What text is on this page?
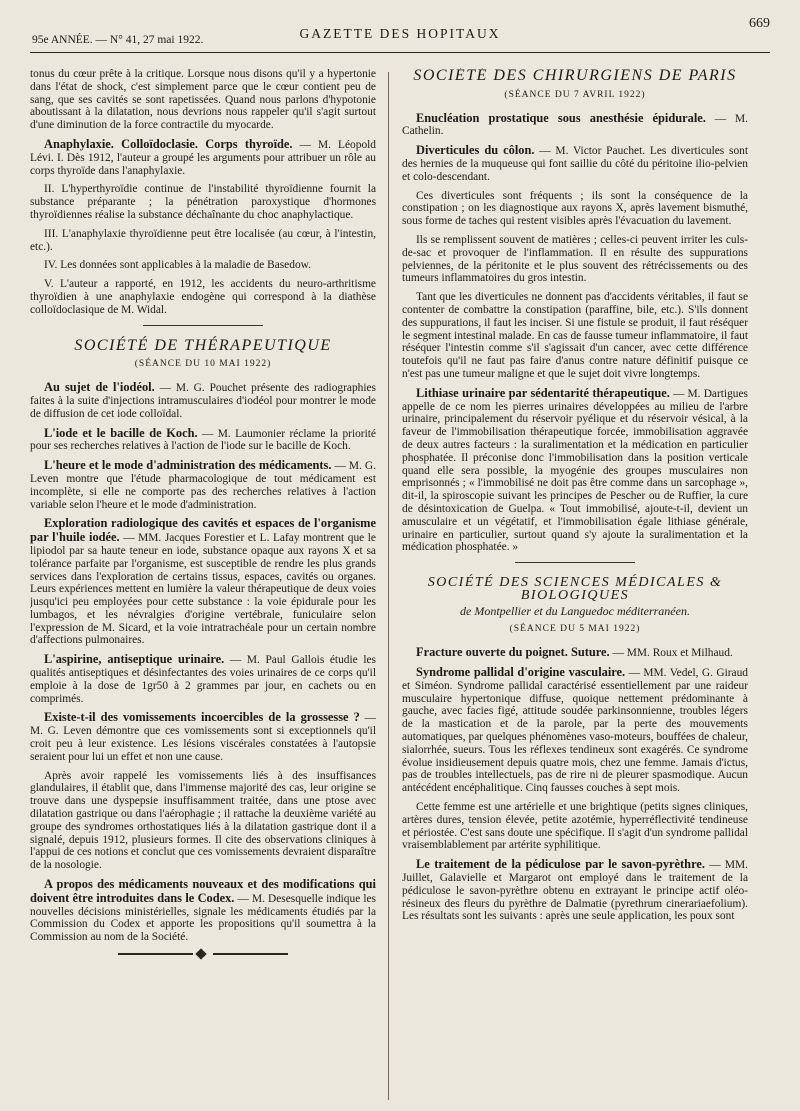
95e ANNÉE. — N° 41, 27 mai 1922.	GAZETTE DES HOPITAUX
669

tonus du cœur prête à la critique. Lorsque nous disons qu'il y a hypertonie dans l'état de shock, c'est simplement parce que le cœur contient peu de sang, que ses cavités se sont rapetissées. Quand nous parlons d'hypotonie aboutissant à la dilatation, nous devrions nous rappeler qu'il s'agit surtout d'une diminution de la force contractile du myocarde.

Anaphylaxie. Colloïdoclasie. Corps thyroïde. — M. Léopold Lévi. I. Dès 1912, l'auteur a groupé les arguments pour attribuer un rôle au corps thyroïde dans l'anaphylaxie.

II. L'hyperthyroïdie continue de l'instabilité thyroïdienne fournit la substance préparante ; la pénétration paroxystique d'hormones thyroïdiennes réalise la substance déchaînante du choc anaphylactique.

III. L'anaphylaxie thyroïdienne peut être localisée (au cœur, à l'intestin, etc.).

IV. Les données sont applicables à la maladie de Basedow.

V. L'auteur a rapporté, en 1912, les accidents du neuro-arthritisme thyroïdien à une anaphylaxie endogène qui correspond à la diathèse colloïdoclasique de M. Widal.

SOCIÉTÉ DE THÉRAPEUTIQUE
(SÉANCE DU 10 MAI 1922)

Au sujet de l'iodéol. — M. G. Pouchet présente des radiographies faites à la suite d'injections intramusculaires d'iodéol pour montrer le mode de diffusion de cet iode colloïdal.

L'iode et le bacille de Koch. — M. Laumonier réclame la priorité pour ses recherches relatives à l'action de l'iode sur le bacille de Koch.

L'heure et le mode d'administration des médicaments. — M. G. Leven montre que l'étude pharmacologique de tout médicament est incomplète, si elle ne comporte pas des recherches relatives à l'action variable selon l'heure et le mode d'administration.

Exploration radiologique des cavités et espaces de l'organisme par l'huile iodée. — MM. Jacques Forestier et L. Lafay montrent que le lipiodol par sa haute teneur en iode, substance opaque aux rayons X et sa tolérance parfaite par l'organisme, est susceptible de rendre les plus grands services dans l'exploration de certains tissus, espaces, cavités ou organes. Leurs expériences mettent en lumière la valeur thérapeutique de deux voies jusqu'ici peu employées pour cette substance : la voie épidurale pour les lumbagos, et les névralgies d'origine vertébrale, funiculaire selon l'expression de M. Sicard, et la voie intratrachéale pour un certain nombre d'affections pulmonaires.

L'aspirine, antiseptique urinaire. — M. Paul Gallois étudie les qualités antiseptiques et désinfectantes des voies urinaires de ce corps qu'il emploie à la dose de 1gr50 à 2 grammes par jour, en cachets ou en comprimés.

Existe-t-il des vomissements incoercibles de la grossesse ? — M. G. Leven démontre que ces vomissements sont si exceptionnels qu'il croit peu à leur existence. Les lésions viscérales constatées à l'autopsie seraient pour lui un effet et non une cause.

Après avoir rappelé les vomissements liés à des insuffisances glandulaires, il établit que, dans l'immense majorité des cas, leur origine se trouve dans une dyspepsie insuffisamment traitée, dans une ptose avec dilatation gastrique ou dans l'aérophagie ; il rattache la deuxième variété au groupe des syndromes orthostatiques liés à la dilatation gastrique dont il a signalé, depuis 1912, plusieurs formes. Il cite des observations cliniques à l'appui de ces notions et conclut que ces vomissements devraient disparaître de la nosologie.

A propos des médicaments nouveaux et des modifications qui doivent être introduites dans le Codex. — M. Desesquelle indique les nouvelles décisions ministérielles, signale les médicaments étudiés par la Commission du Codex et apporte les propositions qu'il soumettra à la Commission au nom de la Société.

SOCIÉTÉ DES CHIRURGIENS DE PARIS
(SÉANCE DU 7 AVRIL 1922)

Enucléation prostatique sous anesthésie épidurale. — M. Cathelin.

Diverticules du côlon. — M. Victor Pauchet. Les diverticules sont des hernies de la muqueuse qui font saillie du côté du péritoine ilio-pelvien et colo-descendant.

Ces diverticules sont fréquents ; ils sont la conséquence de la constipation ; on les diagnostique aux rayons X, après lavement bismuthé, sous forme de taches qui restent visibles après l'évacuation du lavement.

Ils se remplissent souvent de matières ; celles-ci peuvent irriter les culs-de-sac et provoquer de l'inflammation. Il en résulte des suppurations pelviennes, de la péritonite et le plus souvent des rétrécissements ou des tumeurs inflammatoires du gros intestin.

Tant que les diverticules ne donnent pas d'accidents véritables, il faut se contenter de combattre la constipation (paraffine, bile, etc.). S'ils donnent des suppurations, il faut les inciser. Si une fistule se produit, il faut réséquer le segment intestinal malade. En cas de fausse tumeur inflammatoire, il faut réséquer l'intestin comme s'il s'agissait d'un cancer, avec cette différence toutefois qu'il ne faut pas faire d'anus contre nature définitif puisque ce n'est pas une tumeur maligne et que le sujet doit vivre longtemps.

Lithiase urinaire par sédentarité thérapeutique. — M. Dartigues appelle de ce nom les pierres urinaires développées au milieu de l'arbre urinaire, principalement du réservoir pyélique et du réservoir vésical, à la faveur de l'immobilisation thérapeutique forcée, immobilisation aggravée de deux autres facteurs : la suralimentation et la médication en particulier phosphatée. Il préconise donc l'immobilisation dans la position verticale quand elle sera possible, la myogénie des groupes musculaires non emprisonnés ; « l'immobilisé ne doit pas être comme dans un sarcophage », dit-il, la spiroscopie suivant les principes de Pescher ou de Ruffier, la cure de désintoxication de Guelpa. « Tout immobilisé, ajoute-t-il, devient un amusculaire et un végétatif, et l'immobilisation égale lithiase générale, urinaire en particulier, surtout quand s'y ajoute la suralimentation et la médication phosphatée. »

SOCIÉTÉ DES SCIENCES MÉDICALES & BIOLOGIQUES
de Montpellier et du Languedoc méditerranéen.
(SÉANCE DU 5 MAI 1922)

Fracture ouverte du poignet. Suture. — MM. Roux et Milhaud.

Syndrome pallidal d'origine vasculaire. — MM. Vedel, G. Giraud et Siméon. Syndrome pallidal caractérisé essentiellement par une raideur musculaire hypertonique diffuse, quoique nettement prédominante à gauche, avec facies figé, attitude soudée parkinsonnienne, troubles légers de la mastication et de la parole, par la perte des mouvements automatiques, par quelques phénomènes vaso-moteurs, bouffées de chaleur, sialorrhée, sueurs. Tous les réflexes tendineux sont exagérés. Ce syndrome évolue insidieusement depuis quatre mois, chez une femme. Jamais d'ictus, pas de troubles intellectuels, pas de rire ni de pleurer spasmodique. Aucun antécédent encéphalitique. Cinq fausses couches à sept mois.

Cette femme est une artérielle et une brightique (petits signes cliniques, artères dures, tension élevée, petite azotémie, hyperréflectivité tendineuse et périostée. C'est sans doute une spécifique. Il s'agit d'un syndrome pallidal vraisemblablement par artérite syphilitique.

Le traitement de la pédiculose par le savon-pyrèthre. — MM. Juillet, Galavielle et Margarot ont employé dans le traitement de la pédiculose le savon-pyrèthre obtenu en extrayant le principe actif oléo-résineux des fleurs du pyrèthre de Dalmatie (pyrethrum cinerariaefolium). Les résultats sont les suivants : après une seule application, les poux sont
